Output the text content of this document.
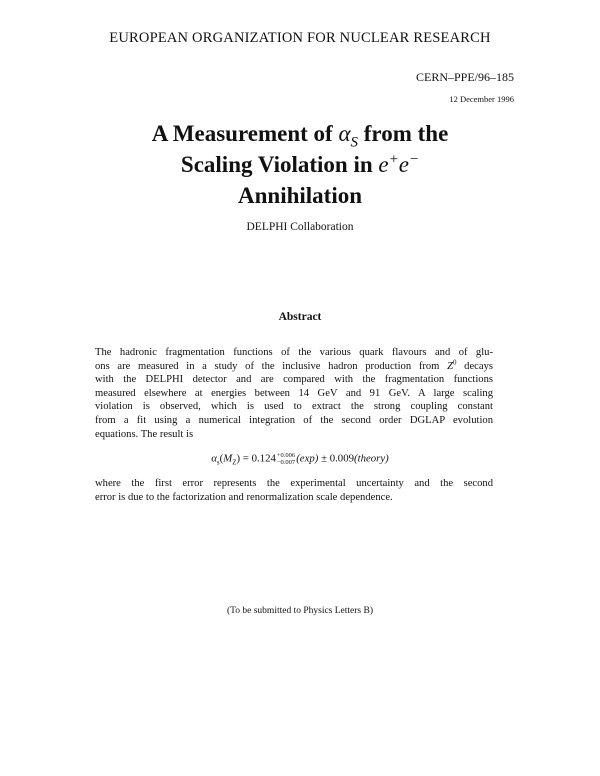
EUROPEAN ORGANIZATION FOR NUCLEAR RESEARCH
CERN–PPE/96–185
12 December 1996
A Measurement of $\alpha_S$ from the
Scaling Violation in e+e−
Annihilation
DELPHI Collaboration
Abstract
The hadronic fragmentation functions of the various quark flavours and of glu-
ons are measured in a study of the inclusive hadron production from $Z^0$ decays
with the DELPHI detector and are compared with the fragmentation functions
measured elsewhere at energies between 14 GeV and 91 GeV. A large scaling
violation is observed, which is used to extract the strong coupling constant
from a fit using a numerical integration of the second order DGLAP evolution
equations. The result is
$\alpha_s(M_Z) = 0.124 +0.006$
−0.007 (exp) ± 0.009(theory)
where the first error represents the experimental uncertainty and the second
error is due to the factorization and renormalization scale dependence.
(To be submitted to Physics Letters B)
